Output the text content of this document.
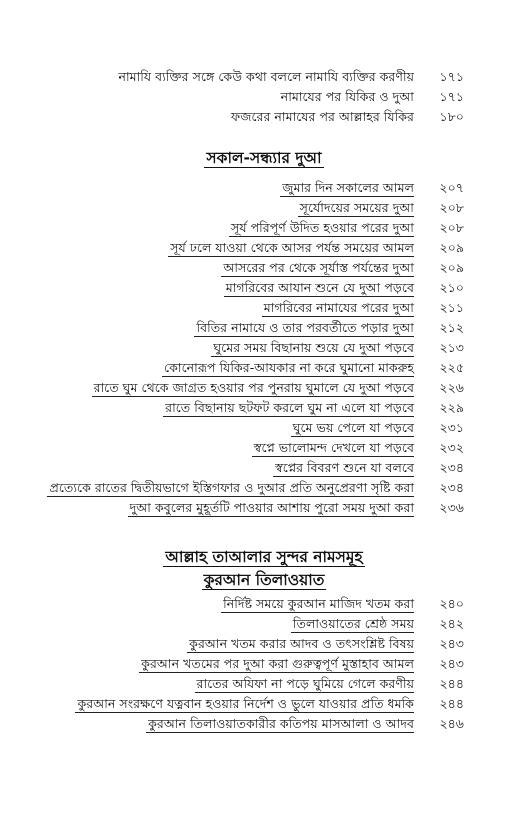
নামাযি ব্যক্তির সঙ্গে কেউ কথা বললে নামাযি ব্যক্তির করণীয়	১৭১
নামাযের পর যিকির ও দুআ	১৭১
ফজরের নামাযের পর আল্লাহর যিকির	১৮০
সকাল-সন্ধ্যার দুআ
জুমার দিন সকালের আমল	২০৭
সূর্যোদয়ের সময়ের দুআ	২০৮
সূর্য পরিপূর্ণ উদিত হওয়ার পরের দুআ	২০৮
সূর্য ঢলে যাওয়া থেকে আসর পর্যন্ত সময়ের আমল	২০৯
আসরের পর থেকে সূর্যাস্ত পর্যন্তের দুআ	২০৯
মাগরিবের আযান শুনে যে দুআ পড়বে	২১০
মাগরিবের নামাযের পরের দুআ	২১১
বিতির নামাযে ও তার পরবর্তীতে পড়ার দুআ	২১২
ঘুমের সময় বিছানায় শুয়ে যে দুআ পড়বে	২১৩
কোনোরূপ যিকির-আযকার না করে ঘুমানো মাকরুহ	২২৫
রাতে ঘুম থেকে জাগ্রত হওয়ার পর পুনরায় ঘুমালে যে দুআ পড়বে	২২৬
রাতে বিছানায় ছটফট করলে ঘুম না এলে যা পড়বে	২২৯
ঘুমে ভয় পেলে যা পড়বে	২৩১
স্বপ্নে ভালোমন্দ দেখলে যা পড়বে	২৩২
স্বপ্নের বিবরণ শুনে যা বলবে	২৩৪
প্রত্যেকে রাতের দ্বিতীয়ভাগে ইস্তিগফার ও দুআর প্রতি অনুপ্রেরণা সৃষ্টি করা	২৩৪
দুআ কবুলের মুহূর্তটি পাওয়ার আশায় পুরো সময় দুআ করা	২৩৬
আল্লাহ তাআলার সুন্দর নামসমূহ
কুরআন তিলাওয়াত
নির্দিষ্ট সময়ে কুরআন মাজিদ খতম করা	২৪০
তিলাওয়াতের শ্রেষ্ঠ সময়	২৪২
কুরআন খতম করার আদব ও তৎসংশ্লিষ্ট বিষয়	২৪৩
কুরআন খতমের পর দুআ করা গুরুত্বপূর্ণ মুস্তাহাব আমল	২৪৩
রাতের অযিফা না পড়ে ঘুমিয়ে গেলে করণীয়	২৪৪
কুরআন সংরক্ষণে যত্নবান হওয়ার নির্দেশ ও ভুলে যাওয়ার প্রতি ধমকি	২৪৪
কুরআন তিলাওয়াতকারীর কতিপয় মাসআলা ও আদব	২৪৬
